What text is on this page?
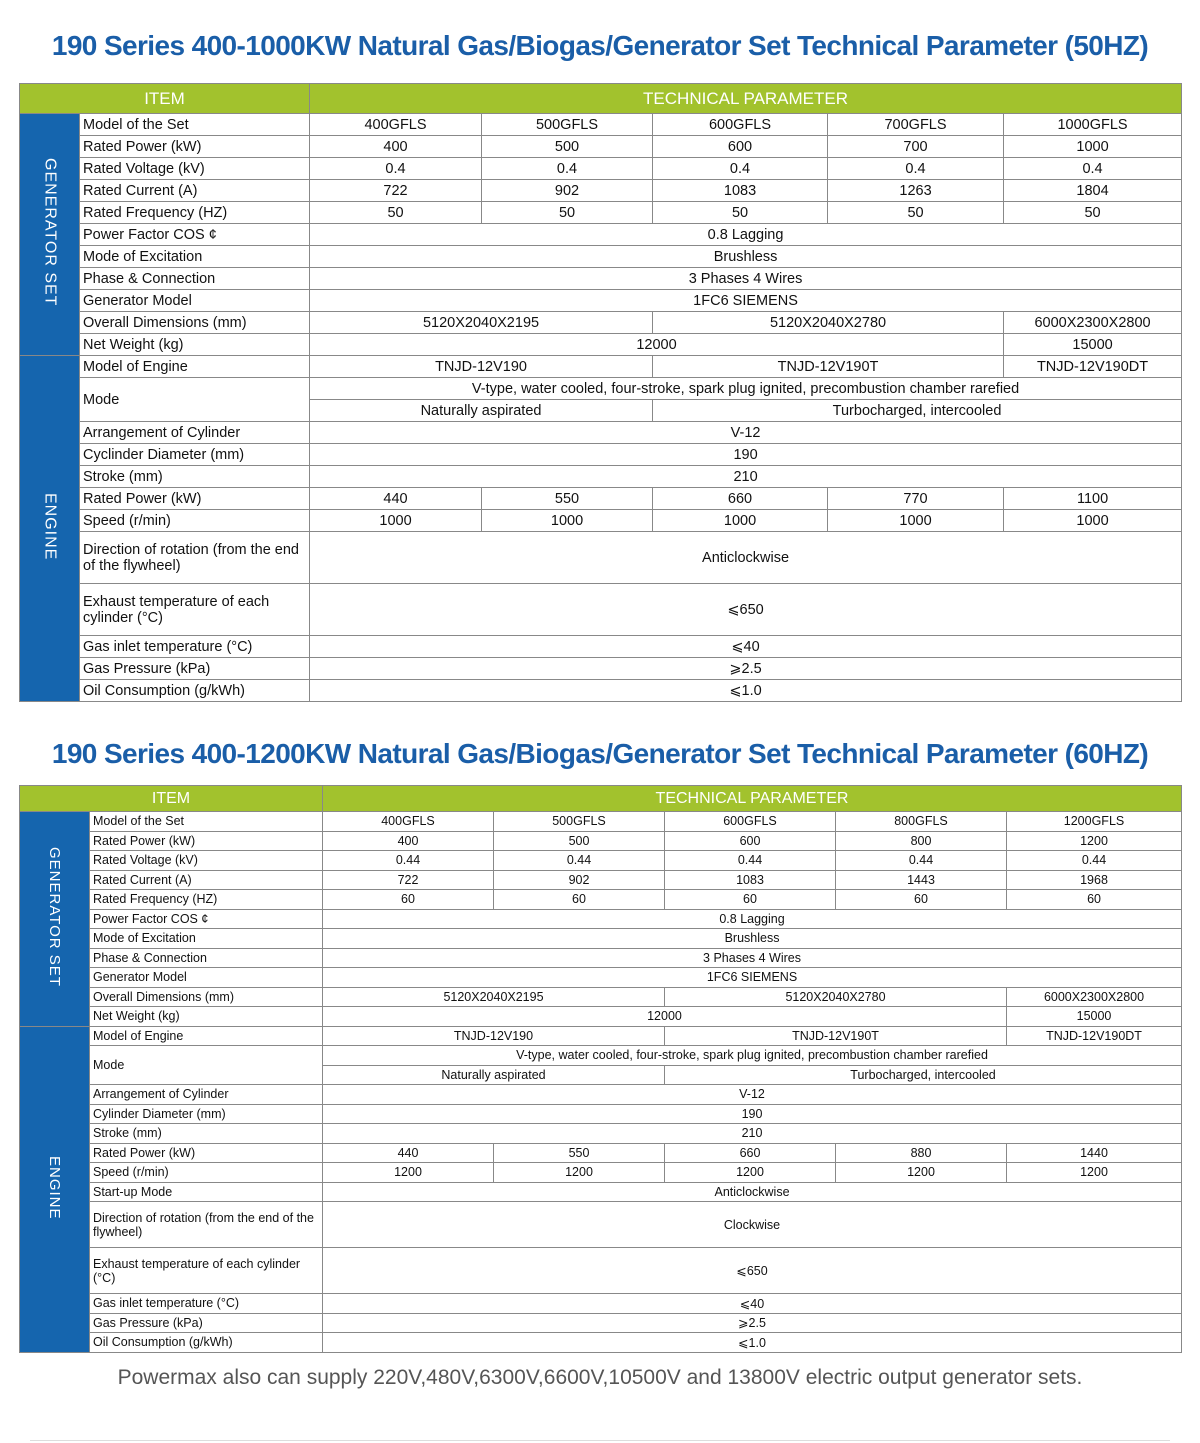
190 Series 400-1000KW Natural Gas/Biogas/Generator Set Technical Parameter (50HZ)
ITEM		TECHNICAL PARAMETER				
GENERATOR SET	Model of the Set	400GFLS	500GFLS	600GFLS	700GFLS	1000GFLS
	Rated Power (kW)	400	500	600	700	1000
	Rated Voltage (kV)	0.4	0.4	0.4	0.4	0.4
	Rated Current (A)	722	902	1083	1263	1804
	Rated Frequency (HZ)	50	50	50	50	50
	Power Factor COS ¢	0.8 Lagging				
	Mode of Excitation	Brushless				
	Phase & Connection	3 Phases 4 Wires				
	Generator Model	1FC6 SIEMENS				
	Overall Dimensions (mm)	5120X2040X2195		5120X2040X2780		6000X2300X2800
	Net Weight (kg)	12000				15000
ENGINE	Model of Engine	TNJD-12V190		TNJD-12V190T		TNJD-12V190DT
	Mode	V-type, water cooled, four-stroke, spark plug ignited, precombustion chamber rarefied				
		Naturally aspirated		Turbocharged, intercooled		
	Arrangement of Cylinder	V-12				
	Cyclinder Diameter (mm)	190				
	Stroke (mm)	210				
	Rated Power (kW)	440	550	660	770	1100
	Speed (r/min)	1000	1000	1000	1000	1000
	Direction of rotation (from the end of the flywheel)	Anticlockwise				
	Exhaust temperature of each cylinder (°C)	⩽650				
	Gas inlet temperature (°C)	⩽40				
	Gas Pressure (kPa)	⩾2.5				
	Oil Consumption (g/kWh)	⩽1.0				
190 Series 400-1200KW Natural Gas/Biogas/Generator Set Technical Parameter (60HZ)
ITEM		TECHNICAL PARAMETER				
GENERATOR SET	Model of the Set	400GFLS	500GFLS	600GFLS	800GFLS	1200GFLS
	Rated Power (kW)	400	500	600	800	1200
	Rated Voltage (kV)	0.44	0.44	0.44	0.44	0.44
	Rated Current (A)	722	902	1083	1443	1968
	Rated Frequency (HZ)	60	60	60	60	60
	Power Factor COS ¢	0.8 Lagging				
	Mode of Excitation	Brushless				
	Phase & Connection	3 Phases 4 Wires				
	Generator Model	1FC6 SIEMENS				
	Overall Dimensions (mm)	5120X2040X2195		5120X2040X2780		6000X2300X2800
	Net Weight (kg)	12000				15000
ENGINE	Model of Engine	TNJD-12V190		TNJD-12V190T		TNJD-12V190DT
	Mode	V-type, water cooled, four-stroke, spark plug ignited, precombustion chamber rarefied				
		Naturally aspirated		Turbocharged, intercooled		
	Arrangement of Cylinder	V-12				
	Cylinder Diameter (mm)	190				
	Stroke (mm)	210				
	Rated Power (kW)	440	550	660	880	1440
	Speed (r/min)	1200	1200	1200	1200	1200
	Start-up Mode	Anticlockwise				
	Direction of rotation (from the end of the flywheel)	Clockwise				
	Exhaust temperature of each cylinder (°C)	⩽650				
	Gas inlet temperature (°C)	⩽40				
	Gas Pressure (kPa)	⩾2.5				
	Oil Consumption (g/kWh)	⩽1.0				
Powermax also can supply 220V,480V,6300V,6600V,10500V and 13800V electric output generator sets.
